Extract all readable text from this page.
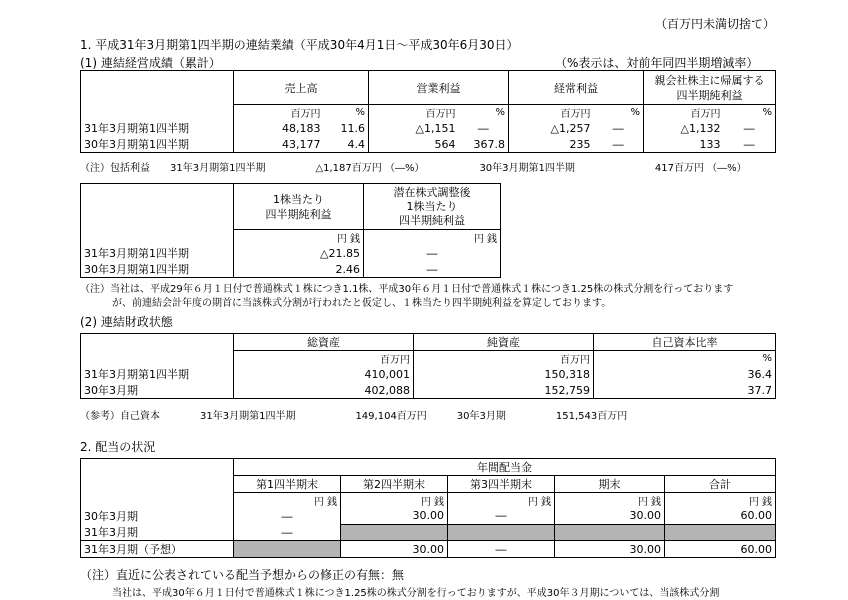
（百万円未満切捨て）
1. 平成31年3月期第1四半期の連結業績（平成30年4月1日～平成30年6月30日）
(1) 連結経営成績（累計）	（%表示は、対前年同四半期増減率）
	売上高		営業利益		経常利益		親会社株主に帰属する
四半期純利益	
	百万円	%	百万円	%	百万円	%	百万円	%
31年3月期第1四半期	48,183	11.6	△1,151	―	△1,257	―	△1,132	―
30年3月期第1四半期	43,177	4.4	564	367.8	235	―	133	―
（注）包括利益　　31年3月期第1四半期　　　　　△1,187百万円 （―%）　　　　　　30年3月期第1四半期　　　　　　　　417百万円 （―%）
	1株当たり
四半期純利益	潜在株式調整後
1株当たり
四半期純利益
	円 銭	円 銭
31年3月期第1四半期	△21.85	―
30年3月期第1四半期	2.46	―
（注）当社は、平成29年６月１日付で普通株式１株につき1.1株、平成30年６月１日付で普通株式１株につき1.25株の株式分割を行っております
が、前連結会計年度の期首に当該株式分割が行われたと仮定し、１株当たり四半期純利益を算定しております。
(2) 連結財政状態
	総資産	純資産	自己資本比率
	百万円	百万円	%
31年3月期第1四半期	410,001	150,318	36.4
30年3月期	402,088	152,759	37.7
（参考）自己資本　　　　31年3月期第1四半期　　　　　　149,104百万円　　　30年3月期　　　　　151,543百万円
2. 配当の状況
	年間配当金				
	第1四半期末	第2四半期末	第3四半期末	期末	合計
	円 銭	円 銭	円 銭	円 銭	円 銭
30年3月期	―	30.00	―	30.00	60.00
31年3月期	―				
31年3月期（予想）		30.00	―	30.00	60.00
（注）直近に公表されている配当予想からの修正の有無：無
当社は、平成30年６月１日付で普通株式１株につき1.25株の株式分割を行っておりますが、平成30年３月期については、当該株式分割
